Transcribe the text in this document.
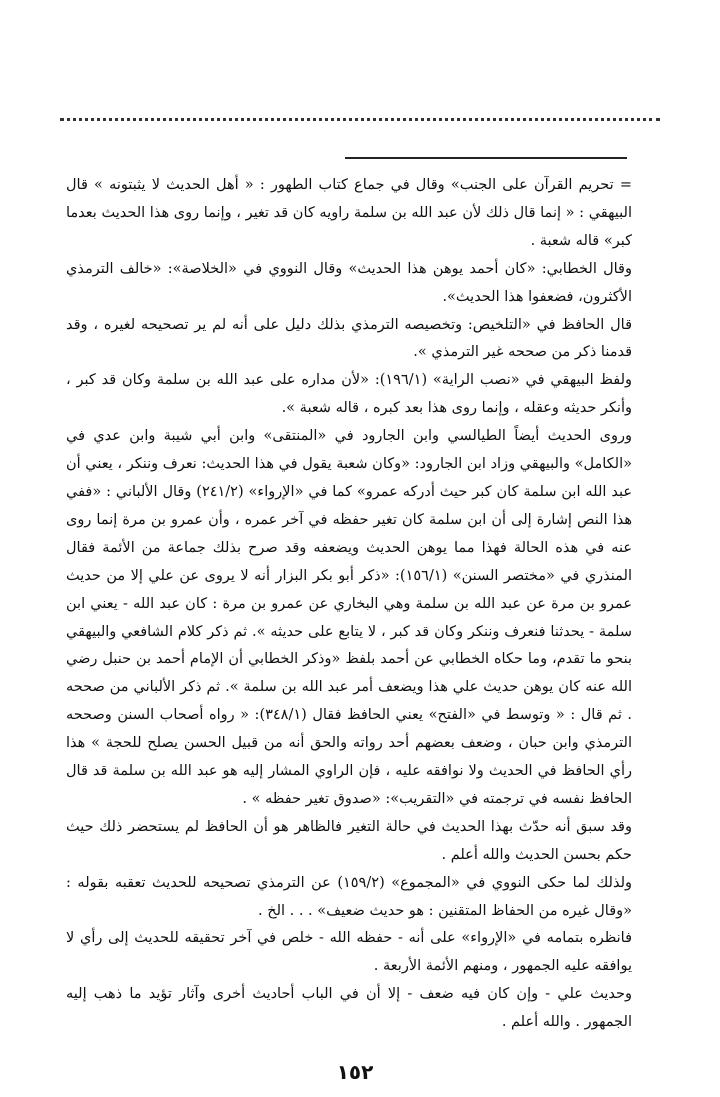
= تحريم القرآن على الجنب» وقال في جماع كتاب الطهور : « أهل الحديث لا يثبتونه » قال البيهقي : « إنما قال ذلك لأن عبد الله بن سلمة راويه كان قد تغير ، وإنما روى هذا الحديث بعدما كبر» قاله شعبة .

وقال الخطابي: «كان أحمد يوهن هذا الحديث» وقال النووي في «الخلاصة»: «خالف الترمذي الأكثرون، فضعفوا هذا الحديث».

قال الحافظ في «التلخيص: وتخصيصه الترمذي بذلك دليل على أنه لم ير تصحيحه لغيره ، وقد قدمنا ذكر من صححه غير الترمذي ».

ولفظ البيهقي في «نصب الراية» (١٩٦/١): «لأن مداره على عبد الله بن سلمة وكان قد كبر ، وأنكر حديثه وعقله ، وإنما روى هذا بعد كبره ، قاله شعبة ».

وروى الحديث أيضاً الطيالسي وابن الجارود في «المنتقى» وابن أبي شيبة وابن عدي في «الكامل» والبيهقي وزاد ابن الجارود: «وكان شعبة يقول في هذا الحديث: نعرف وننكر ، يعني أن عبد الله ابن سلمة كان كبر حيث أدركه عمرو» كما في «الإرواء» (٢٤١/٢) وقال الألباني : «ففي هذا النص إشارة إلى أن ابن سلمة كان تغير حفظه في آخر عمره ، وأن عمرو بن مرة إنما روى عنه في هذه الحالة فهذا مما يوهن الحديث ويضعفه وقد صرح بذلك جماعة من الأئمة فقال المنذري في «مختصر السنن» (١٥٦/١): «ذكر أبو بكر البزار أنه لا يروى عن علي إلا من حديث عمرو بن مرة عن عبد الله بن سلمة وهي البخاري عن عمرو بن مرة : كان عبد الله - يعني ابن سلمة - يحدثنا فنعرف وننكر وكان قد كبر ، لا يتابع على حديثه ». ثم ذكر كلام الشافعي والبيهقي بنحو ما تقدم، وما حكاه الخطابي عن أحمد بلفظ «وذكر الخطابي أن الإمام أحمد بن حنبل رضي الله عنه كان يوهن حديث علي هذا ويضعف أمر عبد الله بن سلمة ». ثم ذكر الألباني من صححه . ثم قال : « وتوسط في «الفتح» يعني الحافظ فقال (٣٤٨/١): « رواه أصحاب السنن وصححه الترمذي وابن حبان ، وضعف بعضهم أحد رواته والحق أنه من قبيل الحسن يصلح للحجة » هذا رأي الحافظ في الحديث ولا نوافقه عليه ، فإن الراوي المشار إليه هو عبد الله بن سلمة قد قال الحافظ نفسه في ترجمته في «التقريب»: «صدوق تغير حفظه » .

وقد سبق أنه حدّث بهذا الحديث في حالة التغير فالظاهر هو أن الحافظ لم يستحضر ذلك حيث حكم بحسن الحديث والله أعلم .

ولذلك لما حكى النووي في «المجموع» (١٥٩/٢) عن الترمذي تصحيحه للحديث تعقبه بقوله : «وقال غيره من الحفاظ المتقنين : هو حديث ضعيف» . . . الخ .

فانظره بتمامه في «الإرواء» على أنه - حفظه الله - خلص في آخر تحقيقه للحديث إلى رأي لا يوافقه عليه الجمهور ، ومنهم الأئمة الأربعة .

وحديث علي - وإن كان فيه ضعف - إلا أن في الباب أحاديث أخرى وآثار تؤيد ما ذهب إليه الجمهور . والله أعلم .

١٥٢
